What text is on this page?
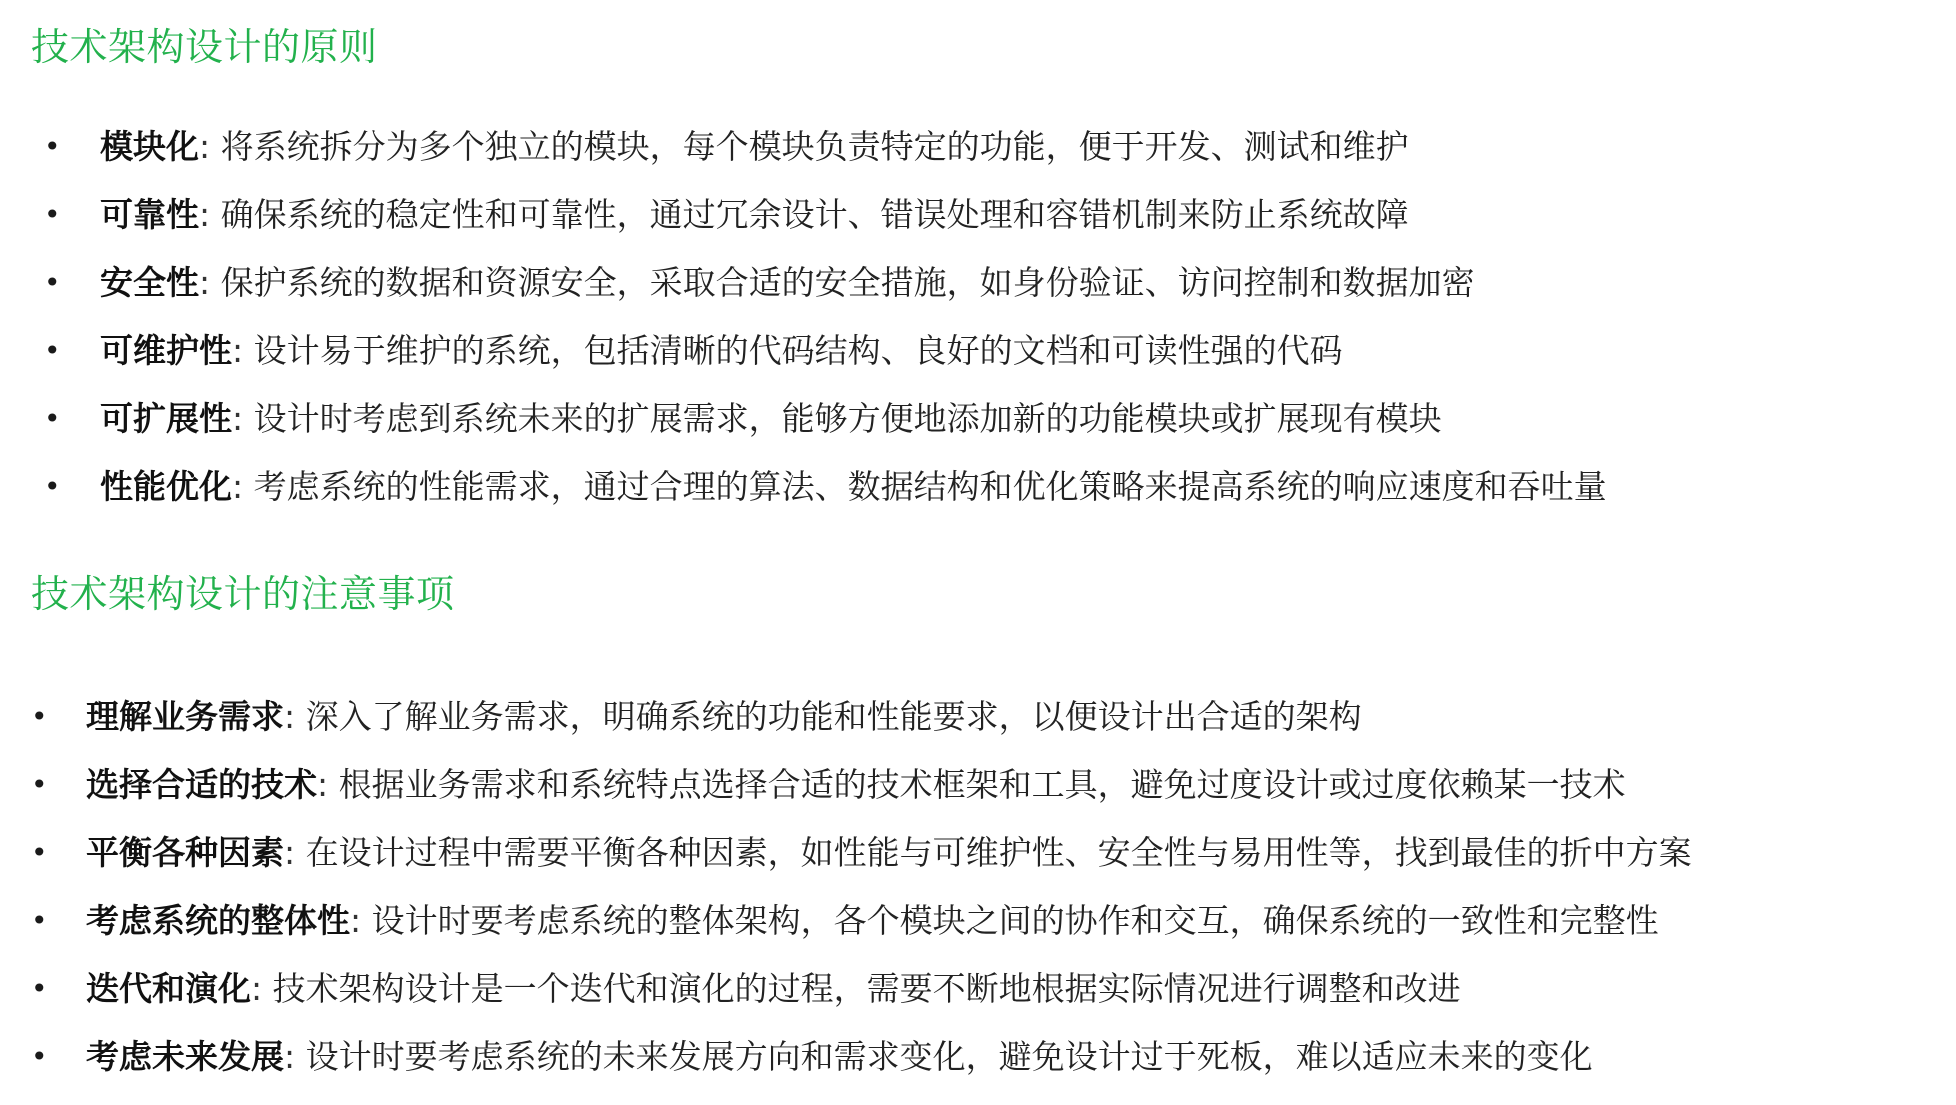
技术架构设计的原则
• 模块化: 将系统拆分为多个独立的模块，每个模块负责特定的功能，便于开发、测试和维护
• 可靠性: 确保系统的稳定性和可靠性，通过冗余设计、错误处理和容错机制来防止系统故障
• 安全性: 保护系统的数据和资源安全，采取合适的安全措施，如身份验证、访问控制和数据加密
• 可维护性: 设计易于维护的系统，包括清晰的代码结构、良好的文档和可读性强的代码
• 可扩展性: 设计时考虑到系统未来的扩展需求，能够方便地添加新的功能模块或扩展现有模块
• 性能优化: 考虑系统的性能需求，通过合理的算法、数据结构和优化策略来提高系统的响应速度和吞吐量
技术架构设计的注意事项
• 理解业务需求: 深入了解业务需求，明确系统的功能和性能要求，以便设计出合适的架构
• 选择合适的技术: 根据业务需求和系统特点选择合适的技术框架和工具，避免过度设计或过度依赖某一技术
• 平衡各种因素: 在设计过程中需要平衡各种因素，如性能与可维护性、安全性与易用性等，找到最佳的折中方案
• 考虑系统的整体性: 设计时要考虑系统的整体架构，各个模块之间的协作和交互，确保系统的一致性和完整性
• 迭代和演化: 技术架构设计是一个迭代和演化的过程，需要不断地根据实际情况进行调整和改进
• 考虑未来发展: 设计时要考虑系统的未来发展方向和需求变化，避免设计过于死板，难以适应未来的变化
